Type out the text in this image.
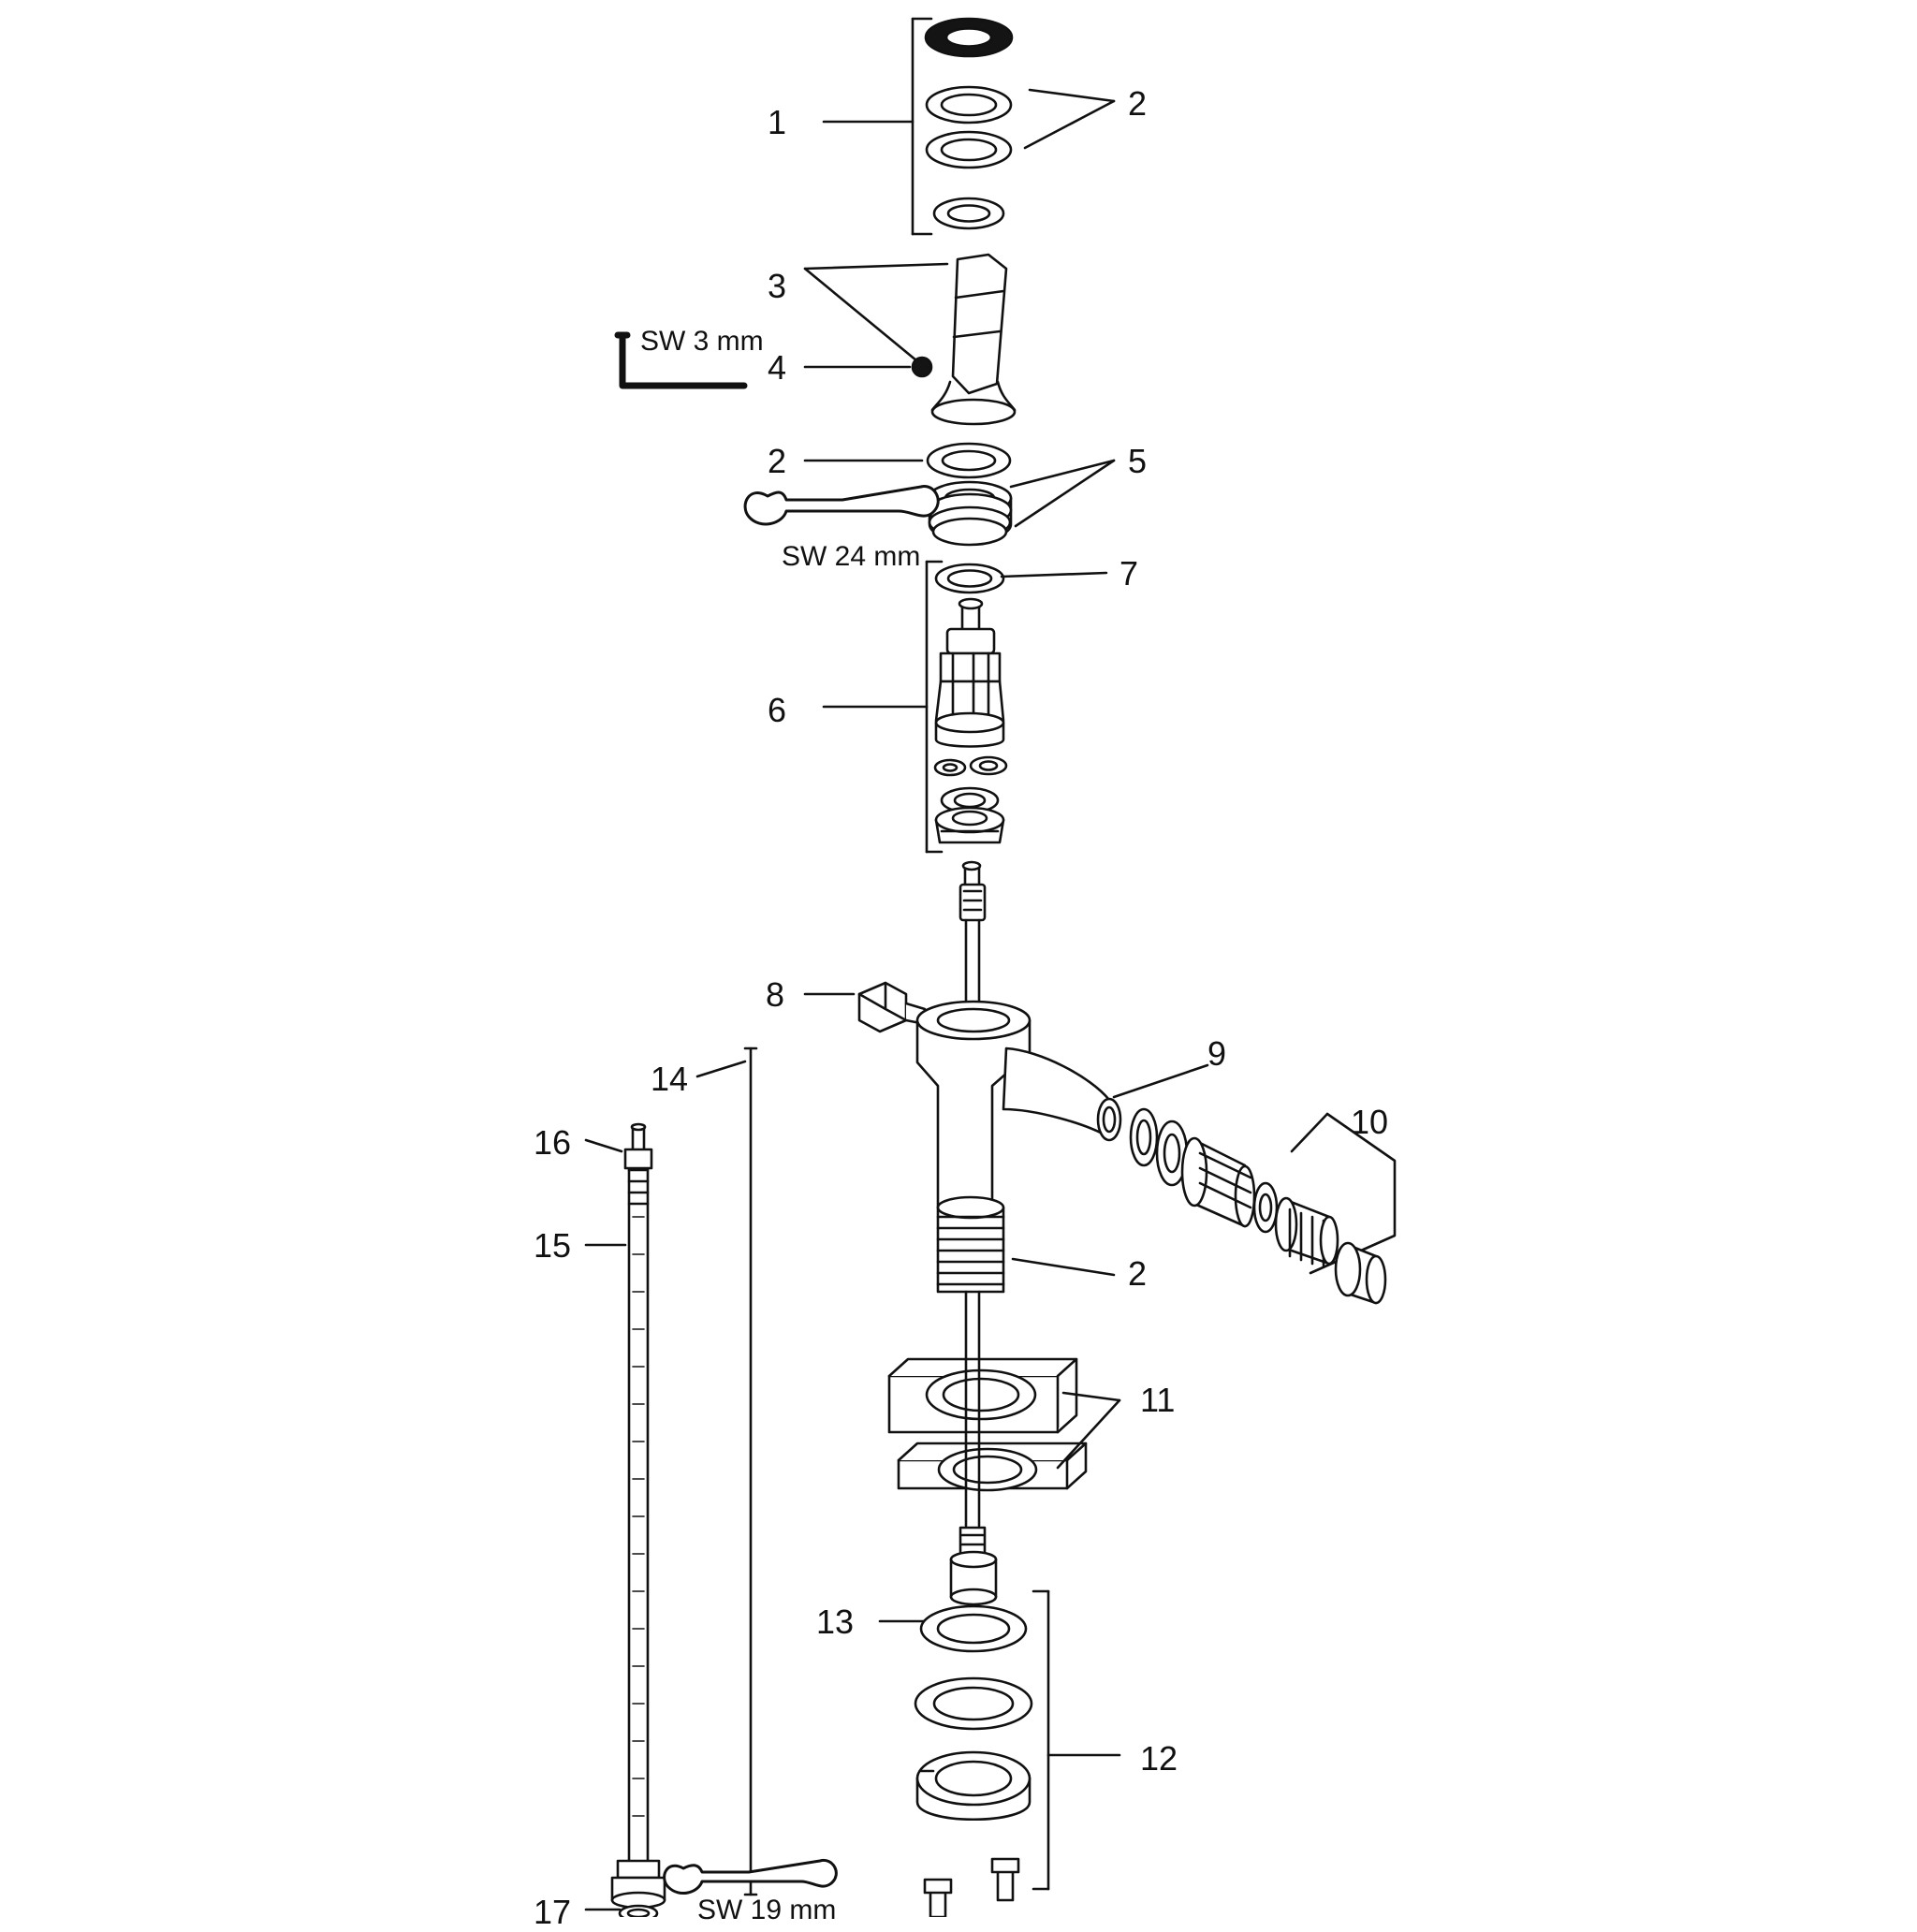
1	2
3
4
2	5
7
6
8
9
10
14
16
15
2
11
13
12
17
SW 3 mm
SW 24 mm
SW 19 mm
